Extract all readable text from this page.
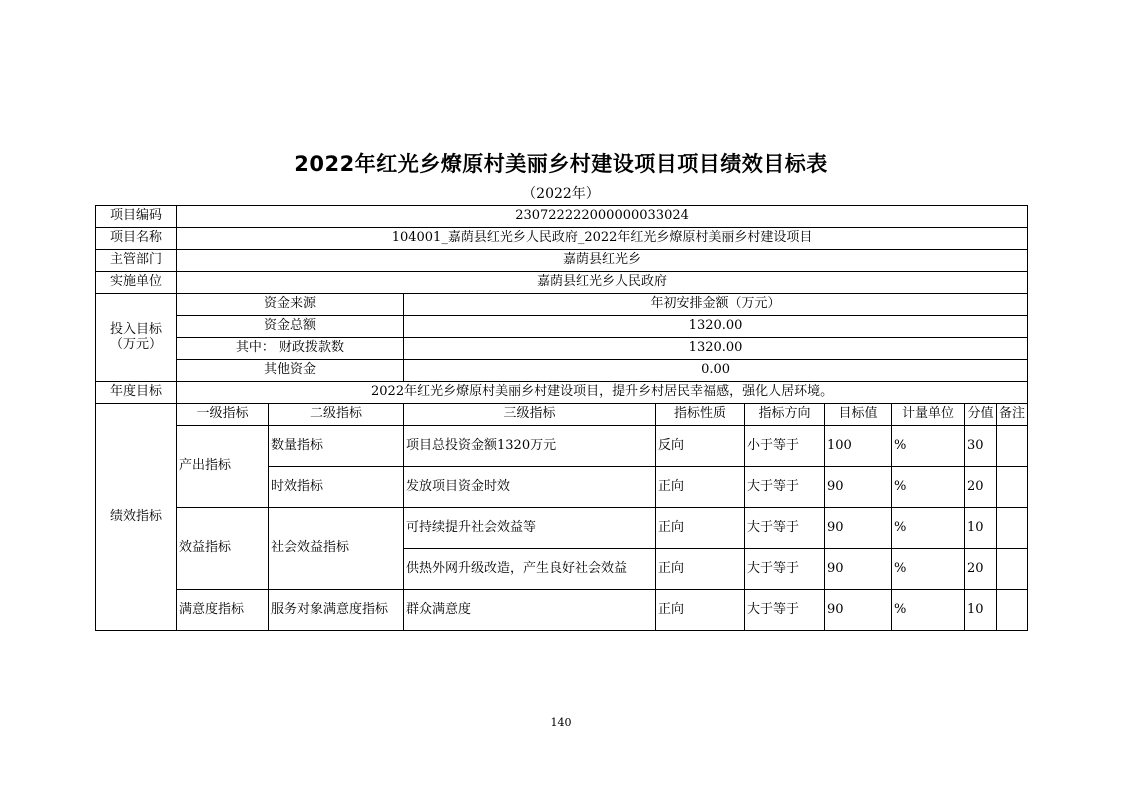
2022年红光乡燎原村美丽乡村建设项目项目绩效目标表
（2022年）
项目编码	230722222000000033024								
项目名称	104001_嘉荫县红光乡人民政府_2022年红光乡燎原村美丽乡村建设项目								
主管部门	嘉荫县红光乡								
实施单位	嘉荫县红光乡人民政府								
投入目标（万元）	资金来源		年初安排金额（万元）						
	资金总额		1320.00						
	其中： 财政拨款数		1320.00						
	其他资金		0.00						
年度目标	2022年红光乡燎原村美丽乡村建设项目，提升乡村居民幸福感，强化人居环境。								
绩效指标	一级指标	二级指标	三级指标	指标性质	指标方向	目标值	计量单位	分值	备注
	产出指标	数量指标	项目总投资金额1320万元	反向	小于等于	100	%	30	
		时效指标	发放项目资金时效	正向	大于等于	90	%	20	
	效益指标	社会效益指标	可持续提升社会效益等	正向	大于等于	90	%	10	
			供热外网升级改造，产生良好社会效益	正向	大于等于	90	%	20	
	满意度指标	服务对象满意度指标	群众满意度	正向	大于等于	90	%	10	
140
